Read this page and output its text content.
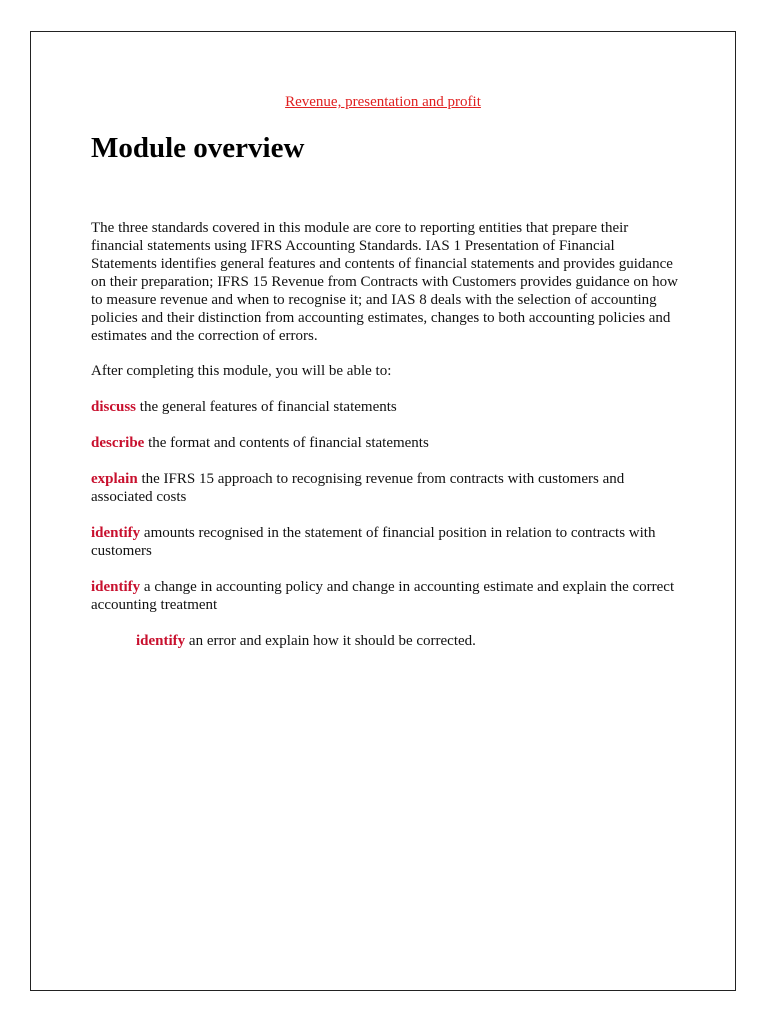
Revenue, presentation and profit
Module overview

The three standards covered in this module are core to reporting entities that prepare their financial statements using IFRS Accounting Standards. IAS 1 Presentation of Financial Statements identifies general features and contents of financial statements and provides guidance on their preparation; IFRS 15 Revenue from Contracts with Customers provides guidance on how to measure revenue and when to recognise it; and IAS 8 deals with the selection of accounting policies and their distinction from accounting estimates, changes to both accounting policies and estimates and the correction of errors.

After completing this module, you will be able to:

discuss the general features of financial statements

describe the format and contents of financial statements

explain the IFRS 15 approach to recognising revenue from contracts with customers and associated costs

identify amounts recognised in the statement of financial position in relation to contracts with customers

identify a change in accounting policy and change in accounting estimate and explain the correct accounting treatment

identify an error and explain how it should be corrected.
